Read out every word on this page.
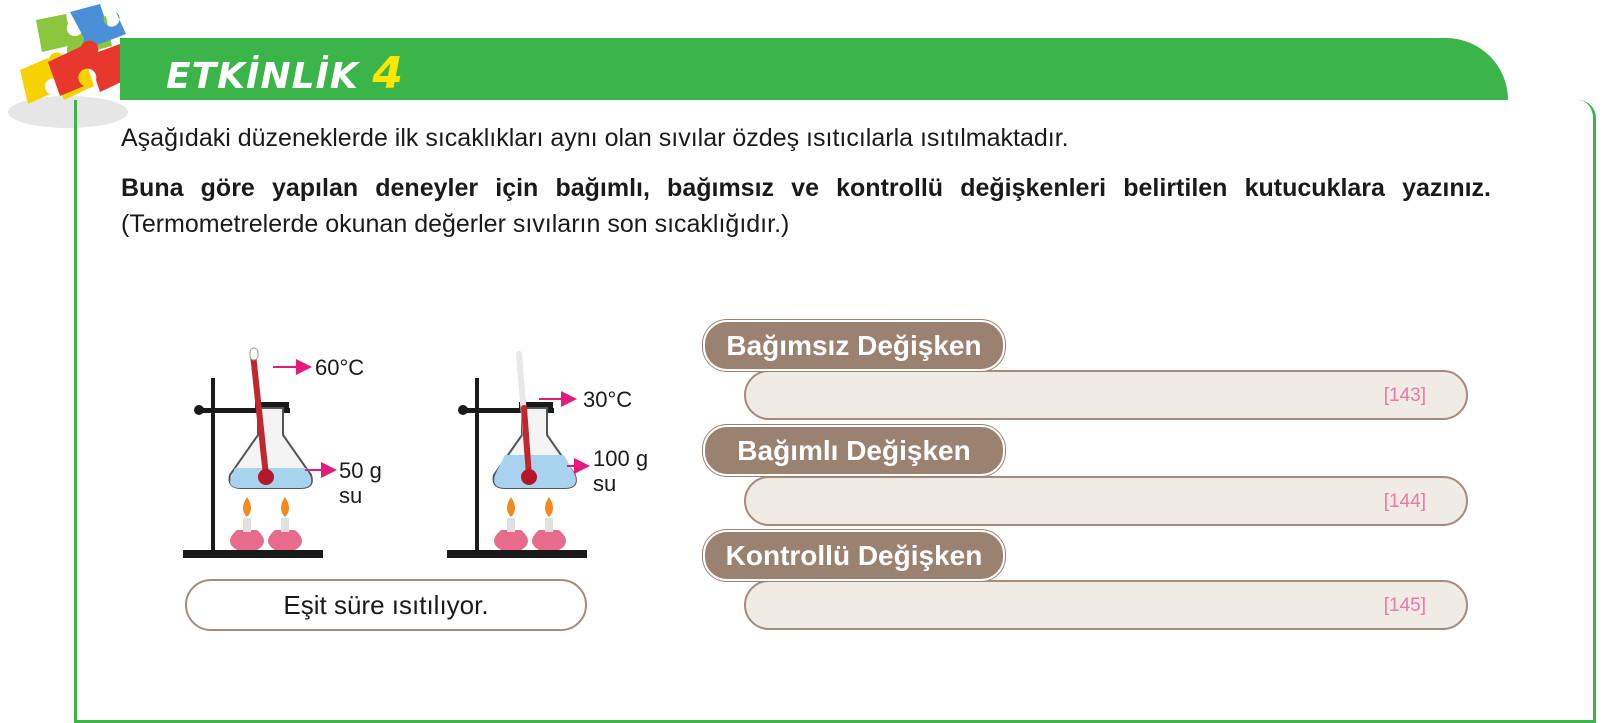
ETKİNLİK 4
Aşağıdaki düzeneklerde ilk sıcaklıkları aynı olan sıvılar özdeş ısıtıcılarla ısıtılmaktadır.
Buna göre yapılan deneyler için bağımlı, bağımsız ve kontrollü değişkenleri belirtilen kutucuklara yazınız. (Termometrelerde okunan değerler sıvıların son sıcaklığıdır.)
60°C
50 g
su
30°C
100 g
su
Eşit süre ısıtılıyor.
[143]
Bağımsız Değişken
[144]
Bağımlı Değişken
[145]
Kontrollü Değişken
